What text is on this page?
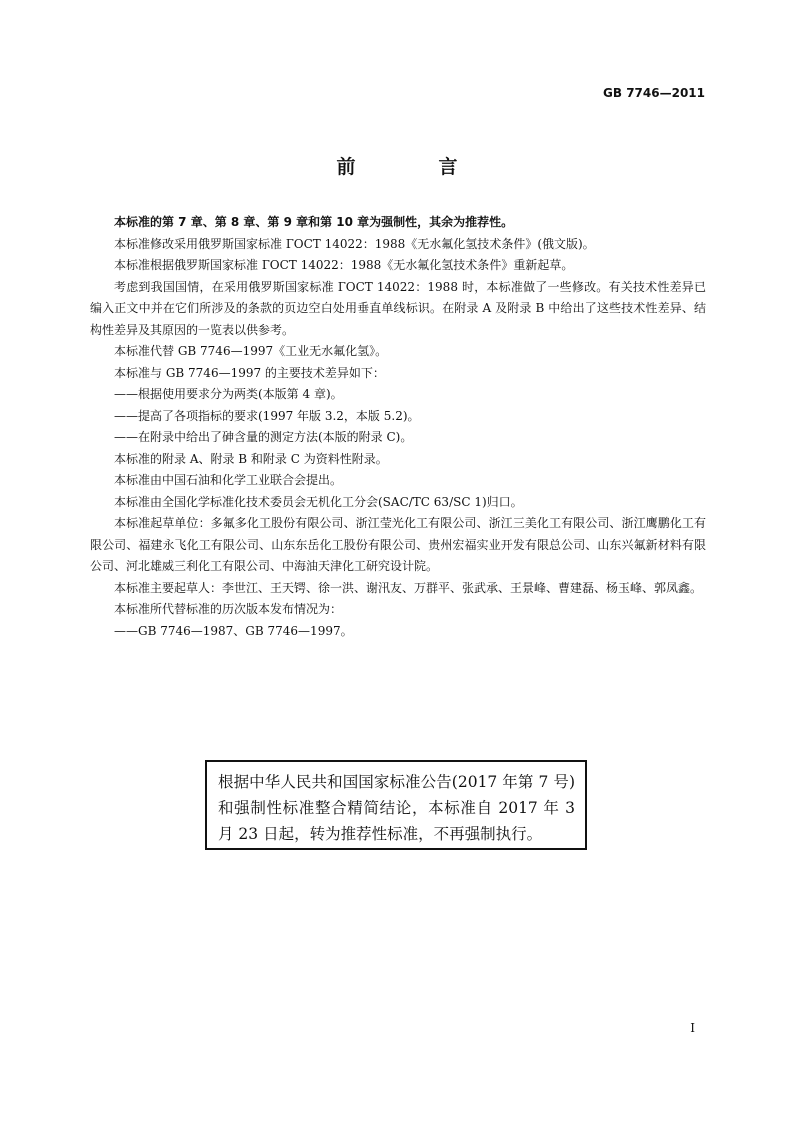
GB 7746—2011
前　言

本标准的第 7 章、第 8 章、第 9 章和第 10 章为强制性，其余为推荐性。

本标准修改采用俄罗斯国家标准 ГОСТ 14022：1988《无水氟化氢技术条件》(俄文版)。

本标准根据俄罗斯国家标准 ГОСТ 14022：1988《无水氟化氢技术条件》重新起草。

考虑到我国国情，在采用俄罗斯国家标准 ГОСТ 14022：1988 时，本标准做了一些修改。有关技术性差异已编入正文中并在它们所涉及的条款的页边空白处用垂直单线标识。在附录 A 及附录 B 中给出了这些技术性差异、结构性差异及其原因的一览表以供参考。

本标准代替 GB 7746—1997《工业无水氟化氢》。

本标准与 GB 7746—1997 的主要技术差异如下：

——根据使用要求分为两类(本版第 4 章)。

——提高了各项指标的要求(1997 年版 3.2，本版 5.2)。

——在附录中给出了砷含量的测定方法(本版的附录 C)。

本标准的附录 A、附录 B 和附录 C 为资料性附录。

本标准由中国石油和化学工业联合会提出。

本标准由全国化学标准化技术委员会无机化工分会(SAC/TC 63/SC 1)归口。

本标准起草单位：多氟多化工股份有限公司、浙江莹光化工有限公司、浙江三美化工有限公司、浙江鹰鹏化工有限公司、福建永飞化工有限公司、山东东岳化工股份有限公司、贵州宏福实业开发有限总公司、山东兴氟新材料有限公司、河北雄威三利化工有限公司、中海油天津化工研究设计院。

本标准主要起草人：李世江、王天锷、徐一洪、谢汛友、万群平、张武承、王景峰、曹建磊、杨玉峰、郭凤鑫。

本标准所代替标准的历次版本发布情况为：

——GB 7746—1987、GB 7746—1997。

根据中华人民共和国国家标准公告(2017 年第 7 号)和强制性标准整合精简结论，本标准自 2017 年 3 月 23 日起，转为推荐性标准，不再强制执行。
I
